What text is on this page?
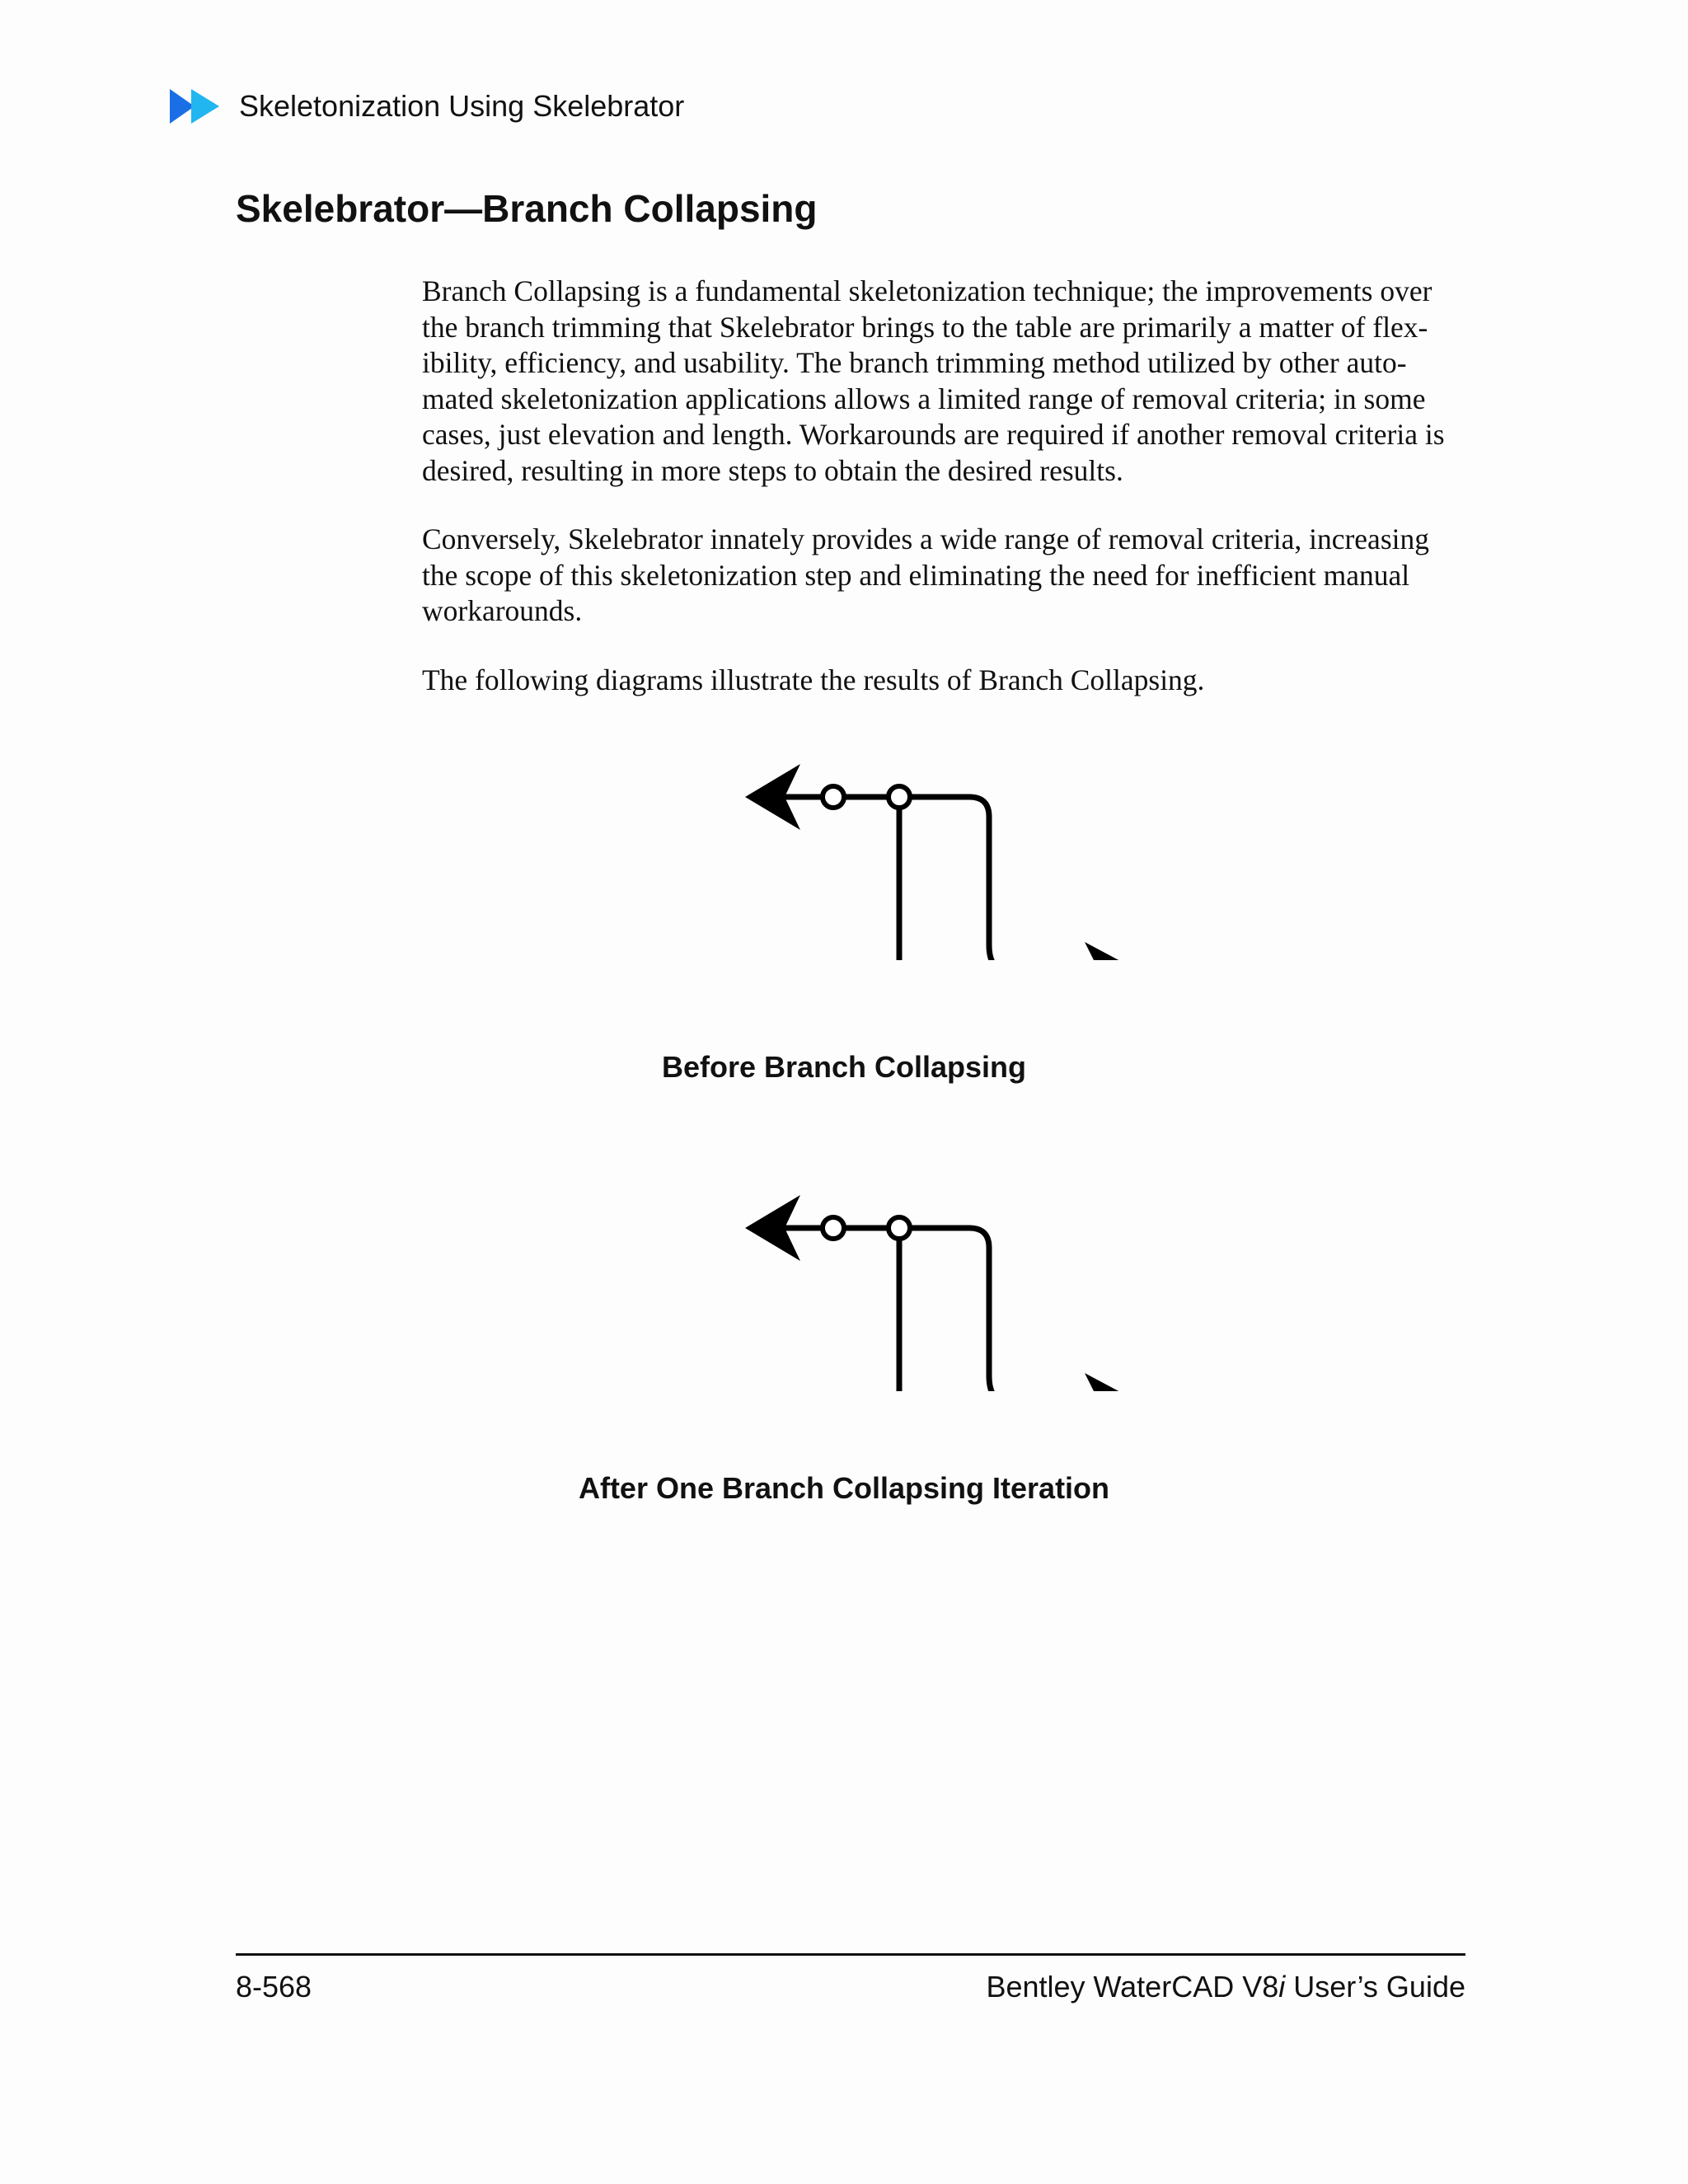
Skeletonization Using Skelebrator
Skelebrator—Branch Collapsing

Branch Collapsing is a fundamental skeletonization technique; the improvements over the branch trimming that Skelebrator brings to the table are primarily a matter of flex-ibility, efficiency, and usability. The branch trimming method utilized by other auto-mated skeletonization applications allows a limited range of removal criteria; in some cases, just elevation and length. Workarounds are required if another removal criteria is desired, resulting in more steps to obtain the desired results.

Conversely, Skelebrator innately provides a wide range of removal criteria, increasing the scope of this skeletonization step and eliminating the need for inefficient manual workarounds.

The following diagrams illustrate the results of Branch Collapsing.

Before Branch Collapsing
After One Branch Collapsing Iteration
8-568	Bentley WaterCAD V8i User’s Guide
